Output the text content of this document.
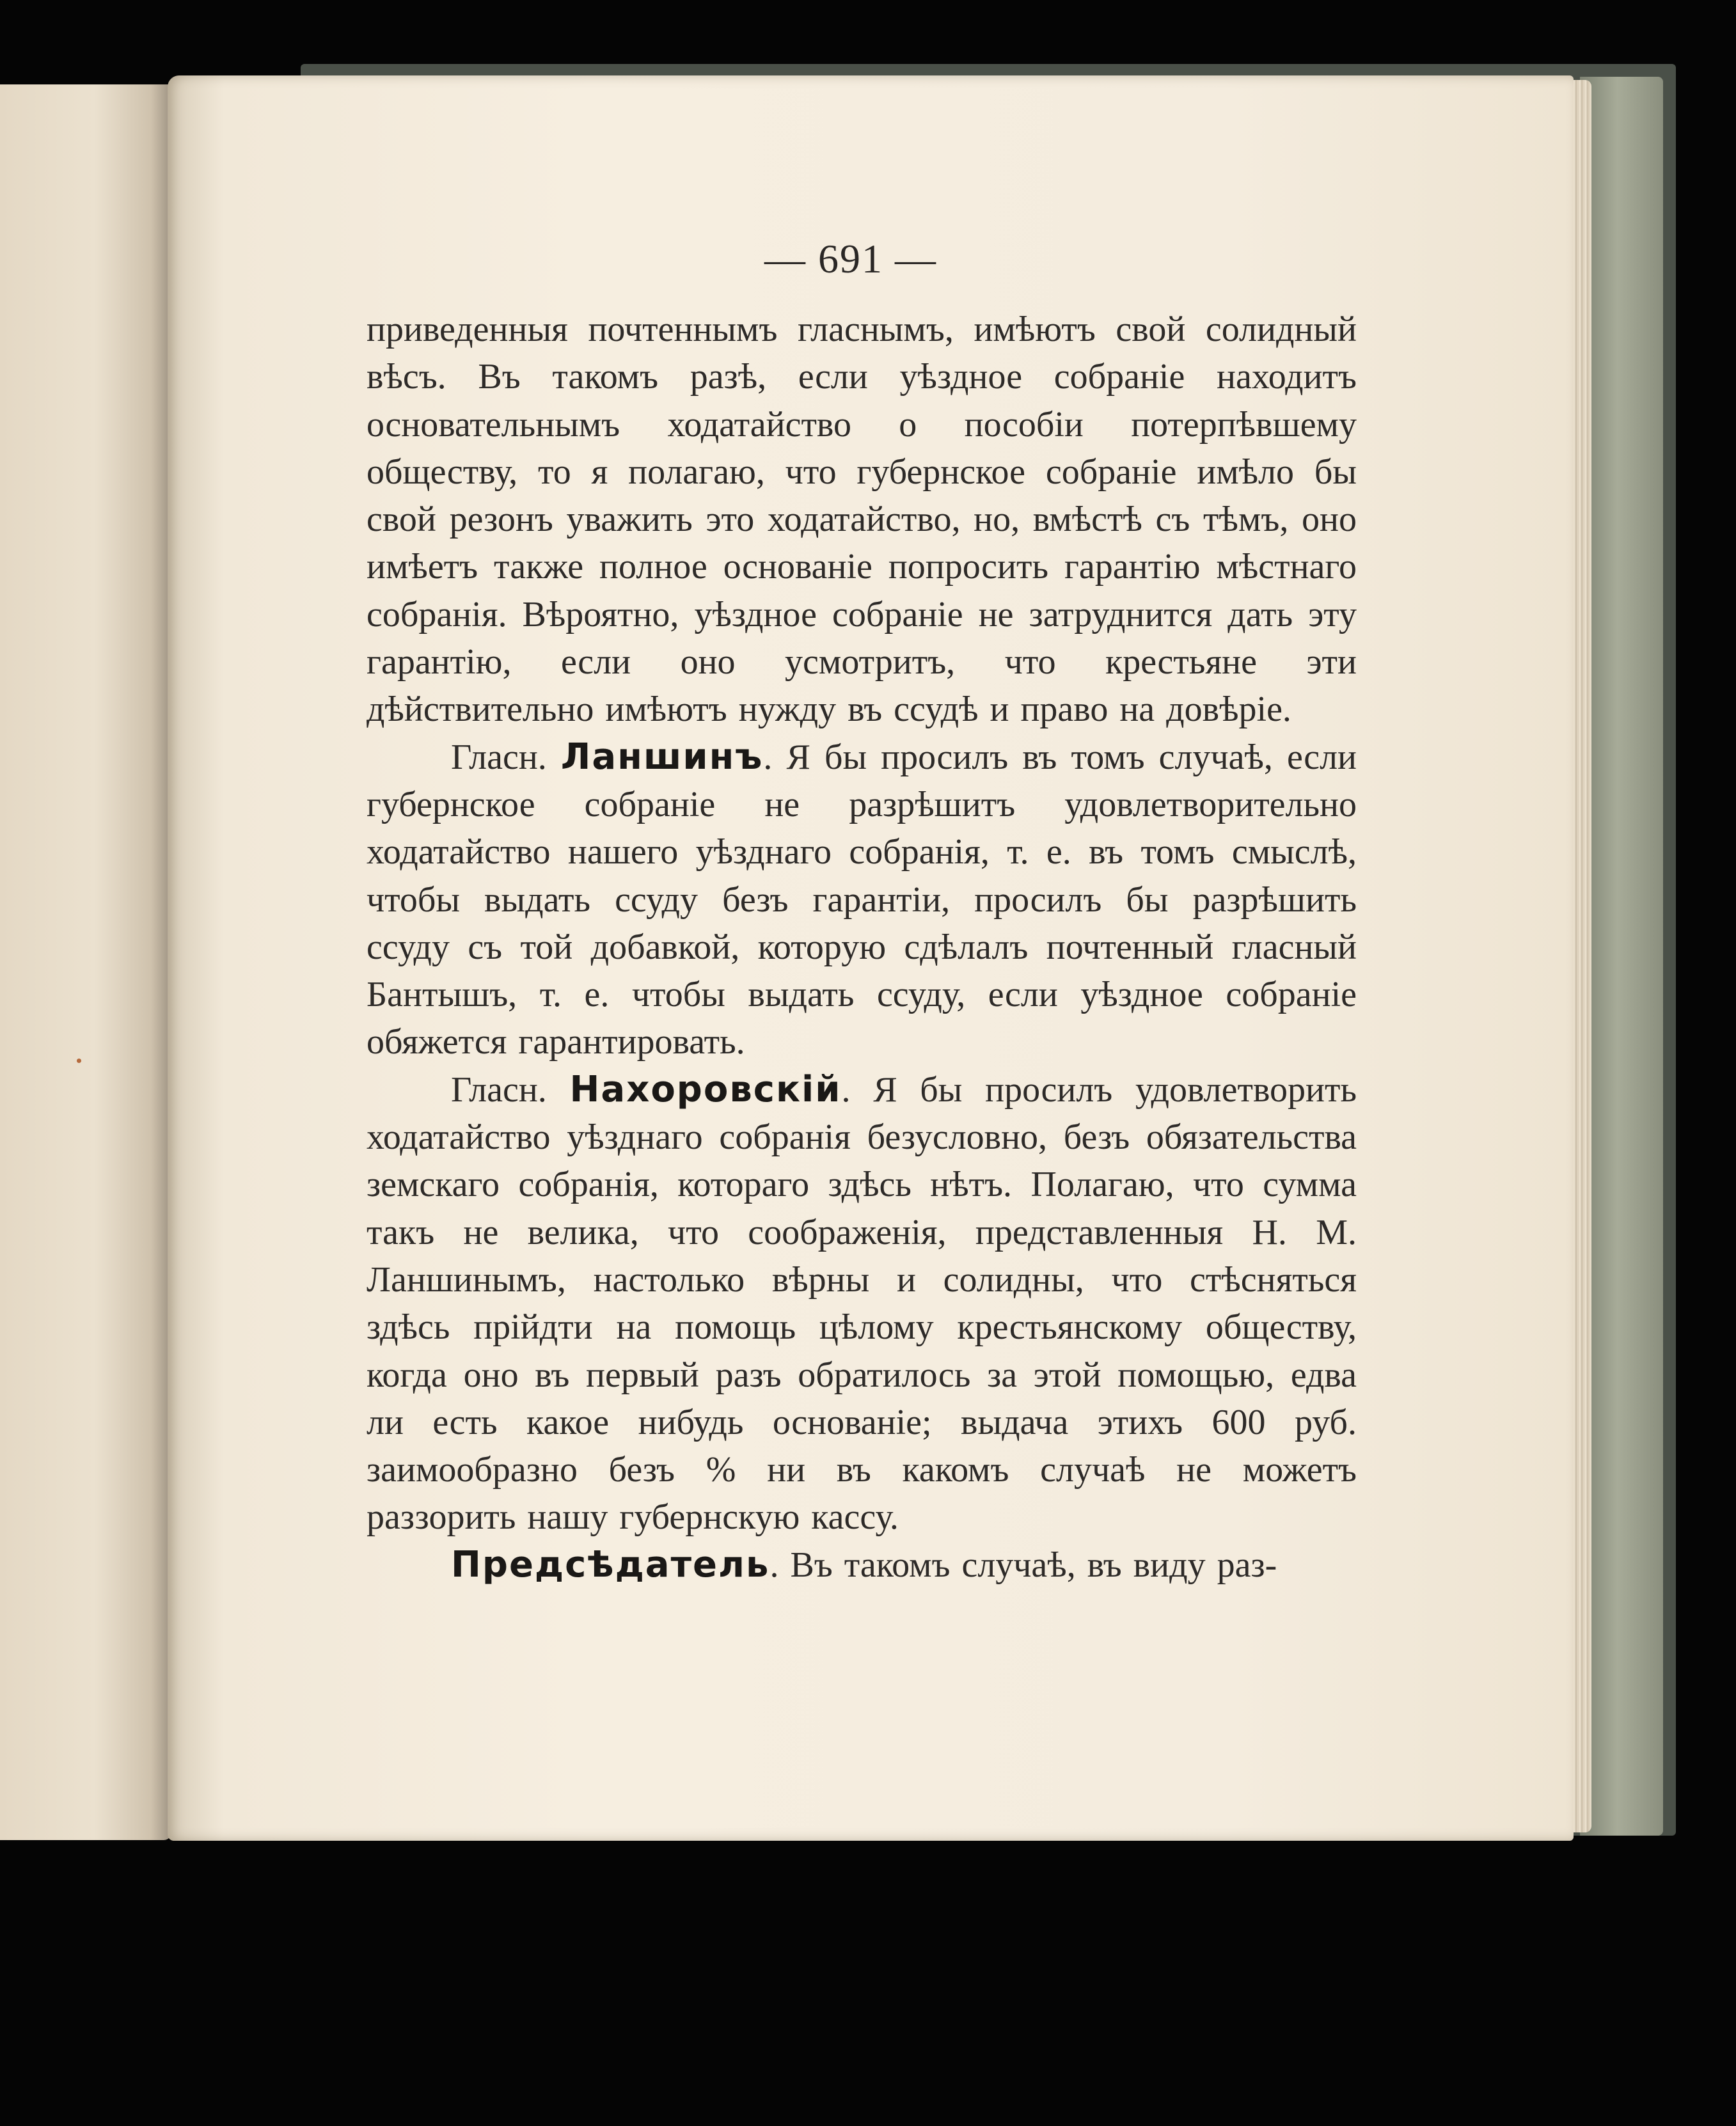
— 691 —

приведенныя почтеннымъ гласнымъ, имѣютъ свой солидный вѣсъ. Въ такомъ разѣ, если уѣздное собраніе находитъ основательнымъ ходатайство о пособіи потерпѣвшему обществу, то я полагаю, что губернское собраніе имѣло бы свой резонъ уважить это ходатайство, но, вмѣстѣ съ тѣмъ, оно имѣетъ также полное основаніе попросить гарантію мѣстнаго собранія. Вѣроятно, уѣздное собраніе не затруднится дать эту гарантію, если оно усмотритъ, что крестьяне эти дѣйствительно имѣютъ нужду въ ссудѣ и право на довѣріе.

Гласн. Ланшинъ. Я бы просилъ въ томъ случаѣ, если губернское собраніе не разрѣшитъ удовлетворительно ходатайство нашего уѣзднаго собранія, т. е. въ томъ смыслѣ, чтобы выдать ссуду безъ гарантіи, просилъ бы разрѣшить ссуду съ той добавкой, которую сдѣлалъ почтенный гласный Бантышъ, т. е. чтобы выдать ссуду, если уѣздное собраніе обяжется гарантировать.

Гласн. Нахоровскій. Я бы просилъ удовлетворить ходатайство уѣзднаго собранія безусловно, безъ обязательства земскаго собранія, котораго здѣсь нѣтъ. Полагаю, что сумма такъ не велика, что соображенія, представленныя Н. М. Ланшинымъ, настолько вѣрны и солидны, что стѣсняться здѣсь прійдти на помощь цѣлому крестьянскому обществу, когда оно въ первый разъ обратилось за этой помощью, едва ли есть какое нибудь основаніе; выдача этихъ 600 руб. заимообразно безъ % ни въ какомъ случаѣ не можетъ раззорить нашу губернскую кассу.

Предсѣдатель. Въ такомъ случаѣ, въ виду раз-
